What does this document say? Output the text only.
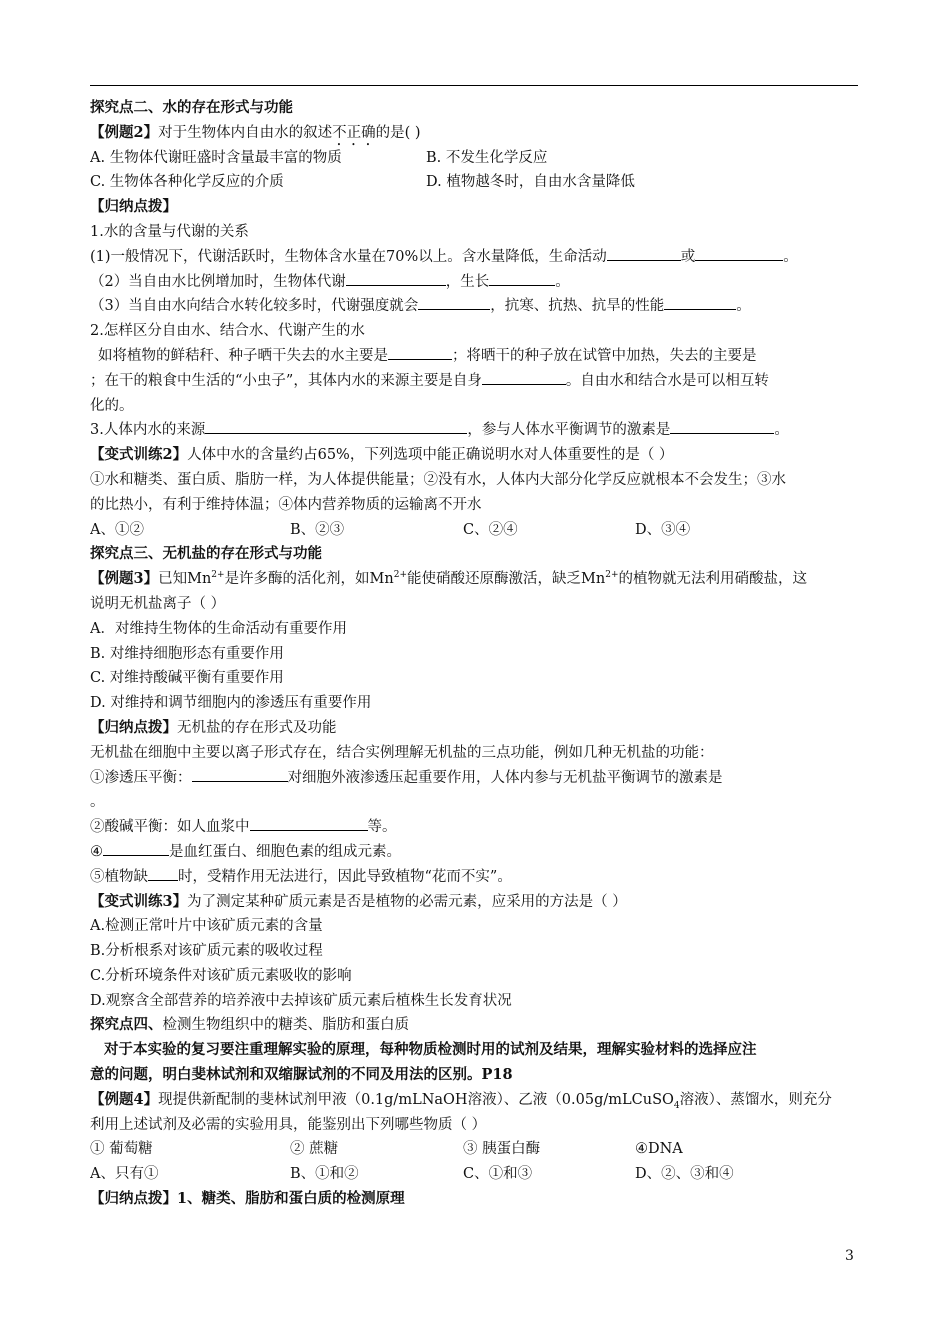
探究点二、水的存在形式与功能
【例题2】对于生物体内自由水的叙述不正确的是( )
A. 生物体代谢旺盛时含量最丰富的物质	B. 不发生化学反应
C. 生物体各种化学反应的介质	D. 植物越冬时，自由水含量降低
【归纳点拨】
1.水的含量与代谢的关系
(1)一般情况下，代谢活跃时，生物体含水量在70%以上。含水量降低，生命活动	或	。
（2）当自由水比例增加时，生物体代谢	，生长	。
（3）当自由水向结合水转化较多时，代谢强度就会	，抗寒、抗热、抗旱的性能	。
2.怎样区分自由水、结合水、代谢产生的水
如将植物的鲜秸秆、种子晒干失去的水主要是	；将晒干的种子放在试管中加热，失去的主要是
；在干的粮食中生活的“小虫子”，其体内水的来源主要是自身	。自由水和结合水是可以相互转
化的。
3.人体内水的来源	，参与人体水平衡调节的激素是	。
【变式训练2】人体中水的含量约占65%，下列选项中能正确说明水对人体重要性的是（ ）
①水和糖类、蛋白质、脂肪一样，为人体提供能量；②没有水，人体内大部分化学反应就根本不会发生；③水
的比热小，有利于维持体温；④体内营养物质的运输离不开水
A、①②	B、②③	C、②④	D、③④
探究点三、无机盐的存在形式与功能
【例题3】已知$Mn^{2+}$是许多酶的活化剂，如$Mn^{2+}$能使硝酸还原酶激活，缺乏$Mn^{2+}$的植物就无法利用硝酸盐，这
说明无机盐离子（ ）
A．对维持生物体的生命活动有重要作用
B. 对维持细胞形态有重要作用
C. 对维持酸碱平衡有重要作用
D. 对维持和调节细胞内的渗透压有重要作用
【归纳点拨】无机盐的存在形式及功能
无机盐在细胞中主要以离子形式存在，结合实例理解无机盐的三点功能，例如几种无机盐的功能：
①渗透压平衡：	对细胞外液渗透压起重要作用，人体内参与无机盐平衡调节的激素是
。
②酸碱平衡：如人血浆中	等。
④	是血红蛋白、细胞色素的组成元素。
⑤植物缺 时，受精作用无法进行，因此导致植物“花而不实”。
【变式训练3】为了测定某种矿质元素是否是植物的必需元素，应采用的方法是（ ）
A.检测正常叶片中该矿质元素的含量
B.分析根系对该矿质元素的吸收过程
C.分析环境条件对该矿质元素吸收的影响
D.观察含全部营养的培养液中去掉该矿质元素后植株生长发育状况
探究点四、检测生物组织中的糖类、脂肪和蛋白质
对于本实验的复习要注重理解实验的原理，每种物质检测时用的试剂及结果，理解实验材料的选择应注
意的问题，明白斐林试剂和双缩脲试剂的不同及用法的区别。P18
【例题4】现提供新配制的斐林试剂甲液（0.1g/mLNaOH溶液）、乙液（0.05g/mLCuSO$_4$溶液）、蒸馏水，则充分
利用上述试剂及必需的实验用具，能鉴别出下列哪些物质（ ）
① 葡萄糖	② 蔗糖	③ 胰蛋白酶	④DNA
A、只有①	B、①和②	C、①和③	D、②、③和④
【归纳点拨】1、糖类、脂肪和蛋白质的检测原理
3
